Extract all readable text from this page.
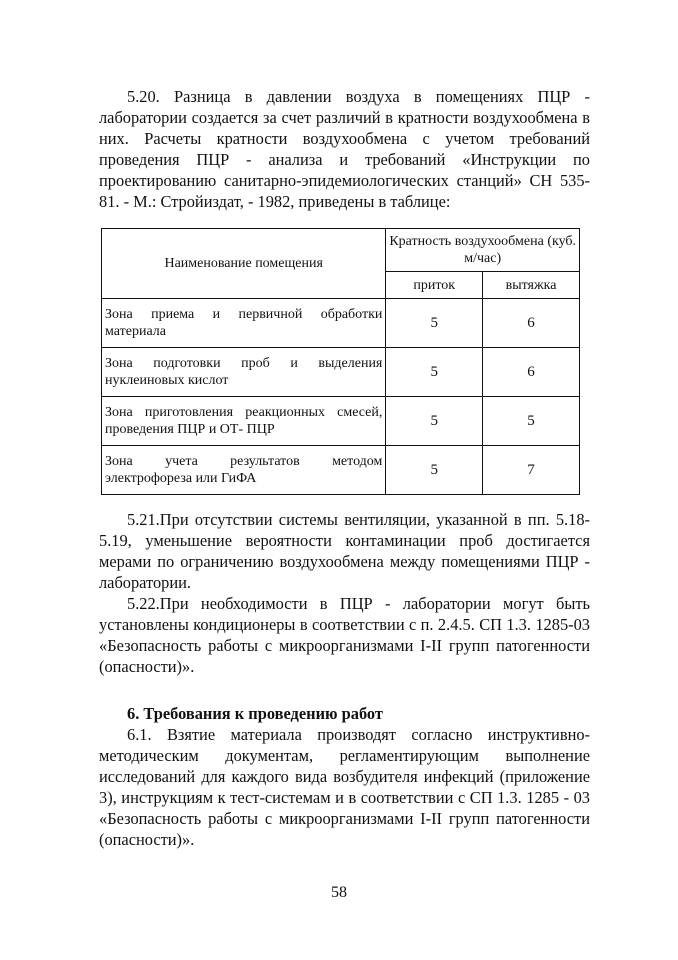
5.20. Разница в давлении воздуха в помещениях ПЦР - лаборатории создается за счет различий в кратности воздухообмена в них. Расчеты кратности воздухообмена с учетом требований проведения ПЦР - анализа и требований «Инструкции по проектированию санитарно-эпидемиологических станций» СН 535-81. - М.: Стройиздат, - 1982, приведены в таблице:

Наименование помещения	Кратность воздухообмена (куб. м/час)	
	приток	вытяжка
Зона приема и первичной обработки материала	5	6
Зона подготовки проб и выделения нуклеиновых кислот	5	6
Зона приготовления реакционных смесей, проведения ПЦР и ОТ- ПЦР	5	5
Зона учета результатов методом электрофореза или ГиФА	5	7

5.21.При отсутствии системы вентиляции, указанной в пп. 5.18-5.19, уменьшение вероятности контаминации проб достигается мерами по ограничению воздухообмена между помещениями ПЦР - лаборатории.

5.22.При необходимости в ПЦР - лаборатории могут быть установлены кондиционеры в соответствии с п. 2.4.5. СП 1.3. 1285-03 «Безопасность работы с микроорганизмами I-II групп патогенности (опасности)».

6. Требования к проведению работ

6.1. Взятие материала производят согласно инструктивно-методическим документам, регламентирующим выполнение исследований для каждого вида возбудителя инфекций (приложение 3), инструкциям к тест-системам и в соответствии с СП 1.3. 1285 - 03 «Безопасность работы с микроорганизмами I-II групп патогенности (опасности)».

58
